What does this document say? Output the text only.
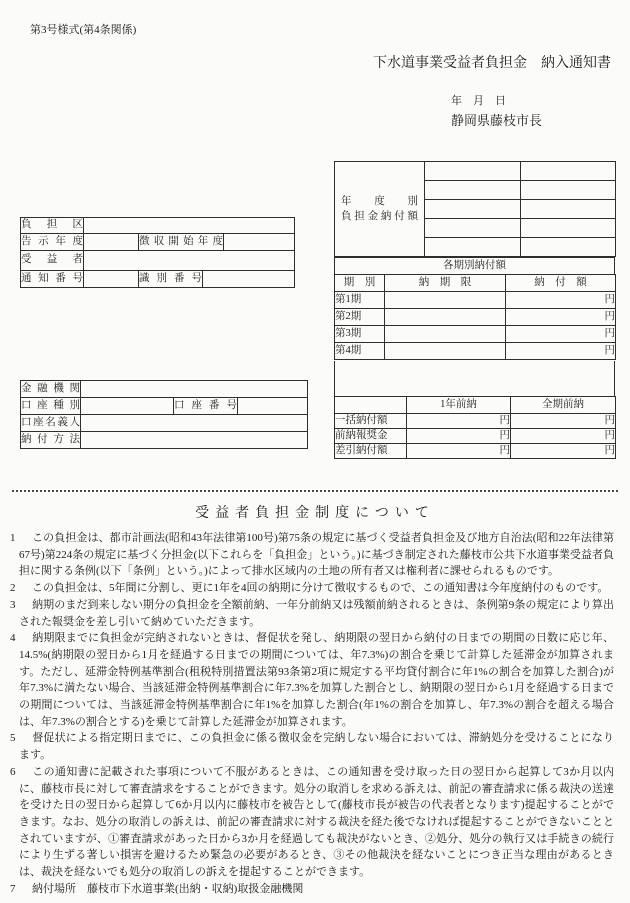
第3号様式(第4条関係)
下水道事業受益者負担金　納入通知書
年　月　日
静岡県藤枝市長
負担区				
告示年度		徴収開始年度		
受益者				
通知番号		識別番号		
年度別
負担金納付額		

各期別納付額
期　別	納　期　限	納　付　額
第1期		円
第2期		円
第3期		円
第4期		円
	1年前納	全期前納
一括納付額	円	円
前納報奨金	円	円
差引納付額	円	円
金融機関			
口座種別		口座番号	
口座名義人			
納付方法			
受益者負担金制度について
1 この負担金は、都市計画法(昭和43年法律第100号)第75条の規定に基づく受益者負担金及び地方自治法(昭和22年法律第67号)第224条の規定に基づく分担金(以下これらを「負担金」という。)に基づき制定された藤枝市公共下水道事業受益者負担に関する条例(以下「条例」という。)によって排水区域内の土地の所有者又は権利者に課せられるものです。
2 この負担金は、5年間に分割し、更に1年を4回の納期に分けて徴収するもので、この通知書は今年度納付のものです。
3 納期のまだ到来しない期分の負担金を全額前納、一年分前納又は残額前納されるときは、条例第9条の規定により算出された報奨金を差し引いて納めていただきます。
4 納期限までに負担金が完納されないときは、督促状を発し、納期限の翌日から納付の日までの期間の日数に応じ年、14.5%(納期限の翌日から1月を経過する日までの期間については、年7.3%)の割合を乗じて計算した延滞金が加算されます。ただし、延滞金特例基準割合(租税特別措置法第93条第2項に規定する平均貸付割合に年1%の割合を加算した割合)が年7.3%に満たない場合、当該延滞金特例基準割合に年7.3%を加算した割合とし、納期限の翌日から1月を経過する日までの期間については、当該延滞金特例基準割合に年1%を加算した割合(年1%の割合を加算し、年7.3%の割合を超える場合は、年7.3%の割合とする)を乗じて計算した延滞金が加算されます。
5 督促状による指定期日までに、この負担金に係る徴収金を完納しない場合においては、滞納処分を受けることになります。
6 この通知書に記載された事項について不服があるときは、この通知書を受け取った日の翌日から起算して3か月以内に、藤枝市長に対して審査請求をすることができます。処分の取消しを求める訴えは、前記の審査請求に係る裁決の送達を受けた日の翌日から起算して6か月以内に藤枝市を被告として(藤枝市長が被告の代表者となります)提起することができます。なお、処分の取消しの訴えは、前記の審査請求に対する裁決を経た後でなければ提起することができないこととされていますが、①審査請求があった日から3か月を経過しても裁決がないとき、②処分、処分の執行又は手続きの続行により生ずる著しい損害を避けるため緊急の必要があるとき、③その他裁決を経ないことにつき正当な理由があるときは、裁決を経ないでも処分の取消しの訴えを提起することができます。
7 納付場所　藤枝市下水道事業(出納・収納)取扱金融機関
